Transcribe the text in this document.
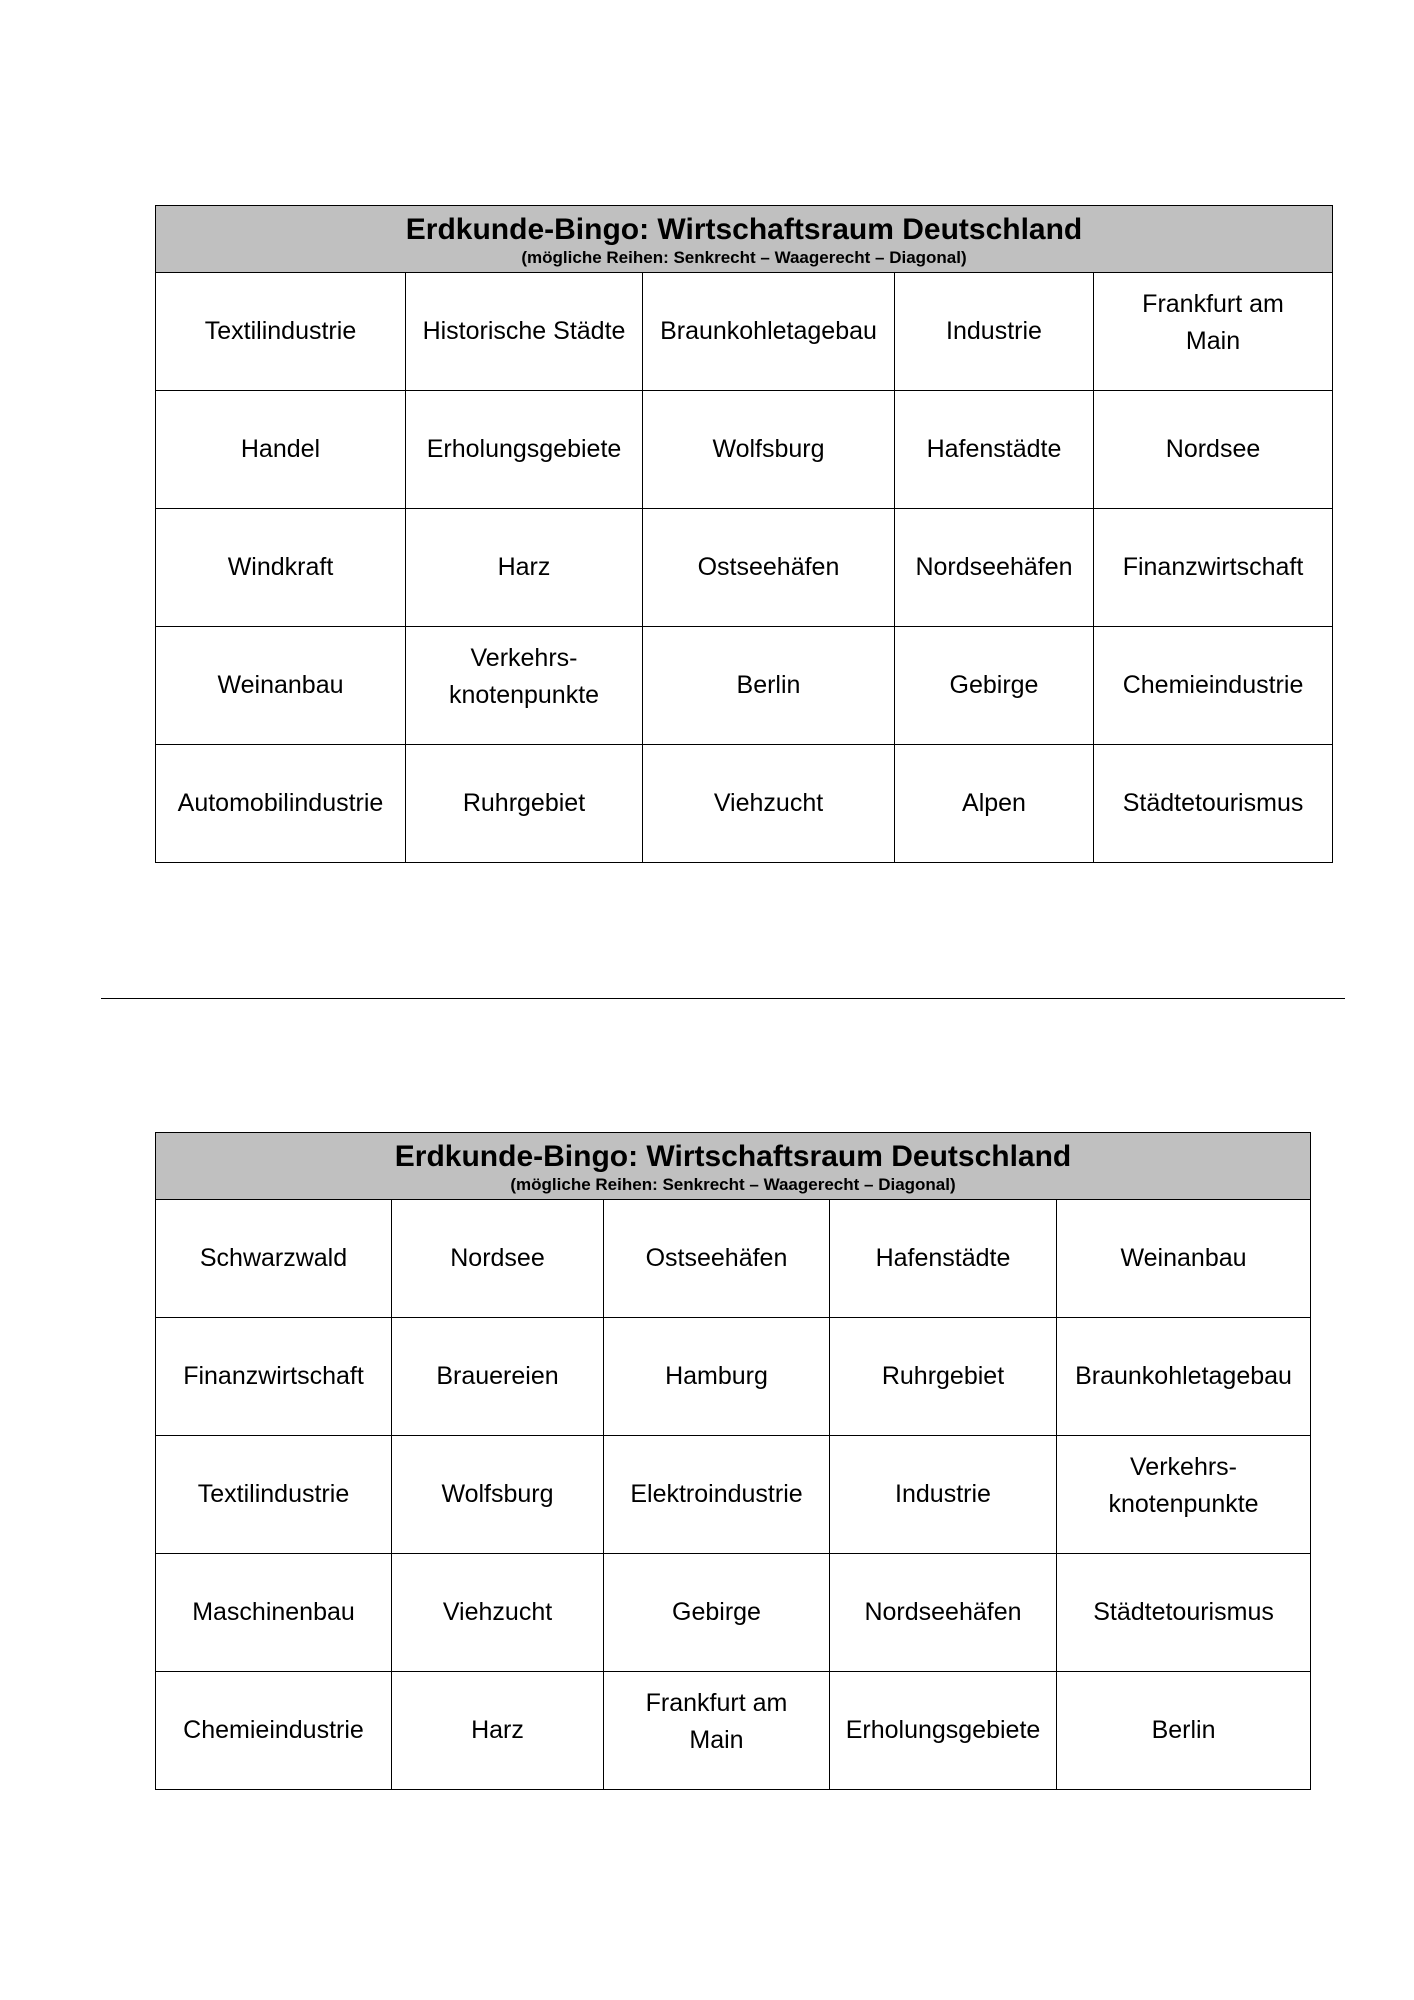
Erdkunde-Bingo: Wirtschaftsraum Deutschland
(mögliche Reihen: Senkrecht – Waagerecht – Diagonal)				

Textilindustrie	Historische Städte	Braunkohletagebau	Industrie	Frankfurt am
Main
Handel	Erholungsgebiete	Wolfsburg	Hafenstädte	Nordsee
Windkraft	Harz	Ostseehäfen	Nordseehäfen	Finanzwirtschaft
Weinanbau	Verkehrs-
knotenpunkte	Berlin	Gebirge	Chemieindustrie
Automobilindustrie	Ruhrgebiet	Viehzucht	Alpen	Städtetourismus
Erdkunde-Bingo: Wirtschaftsraum Deutschland
(mögliche Reihen: Senkrecht – Waagerecht – Diagonal)				

Schwarzwald	Nordsee	Ostseehäfen	Hafenstädte	Weinanbau
Finanzwirtschaft	Brauereien	Hamburg	Ruhrgebiet	Braunkohletagebau
Textilindustrie	Wolfsburg	Elektroindustrie	Industrie	Verkehrs-
knotenpunkte
Maschinenbau	Viehzucht	Gebirge	Nordseehäfen	Städtetourismus
Chemieindustrie	Harz	Frankfurt am
Main	Erholungsgebiete	Berlin
